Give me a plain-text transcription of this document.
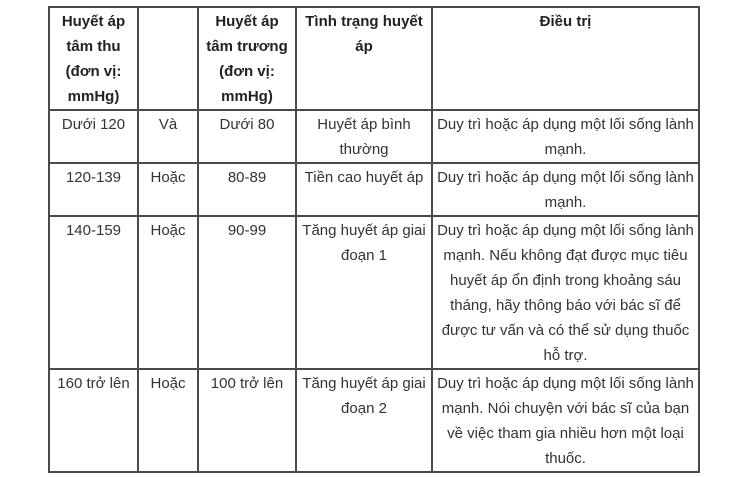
Huyết áp tâm thu (đơn vị: mmHg)		Huyết áp tâm trương (đơn vị: mmHg)	Tình trạng huyết áp	Điều trị
Dưới 120	Và	Dưới 80	Huyết áp bình thường	Duy trì hoặc áp dụng một lối sống lành mạnh.
120-139	Hoặc	80-89	Tiền cao huyết áp	Duy trì hoặc áp dụng một lối sống lành mạnh.
140-159	Hoặc	90-99	Tăng huyết áp giai đoạn 1	Duy trì hoặc áp dụng một lối sống lành mạnh. Nếu không đạt được mục tiêu huyết áp ổn định trong khoảng sáu tháng, hãy thông báo với bác sĩ để được tư vấn và có thể sử dụng thuốc hỗ trợ.
160 trở lên	Hoặc	100 trở lên	Tăng huyết áp giai đoạn 2	Duy trì hoặc áp dụng một lối sống lành mạnh. Nói chuyện với bác sĩ của bạn về việc tham gia nhiều hơn một loại thuốc.
